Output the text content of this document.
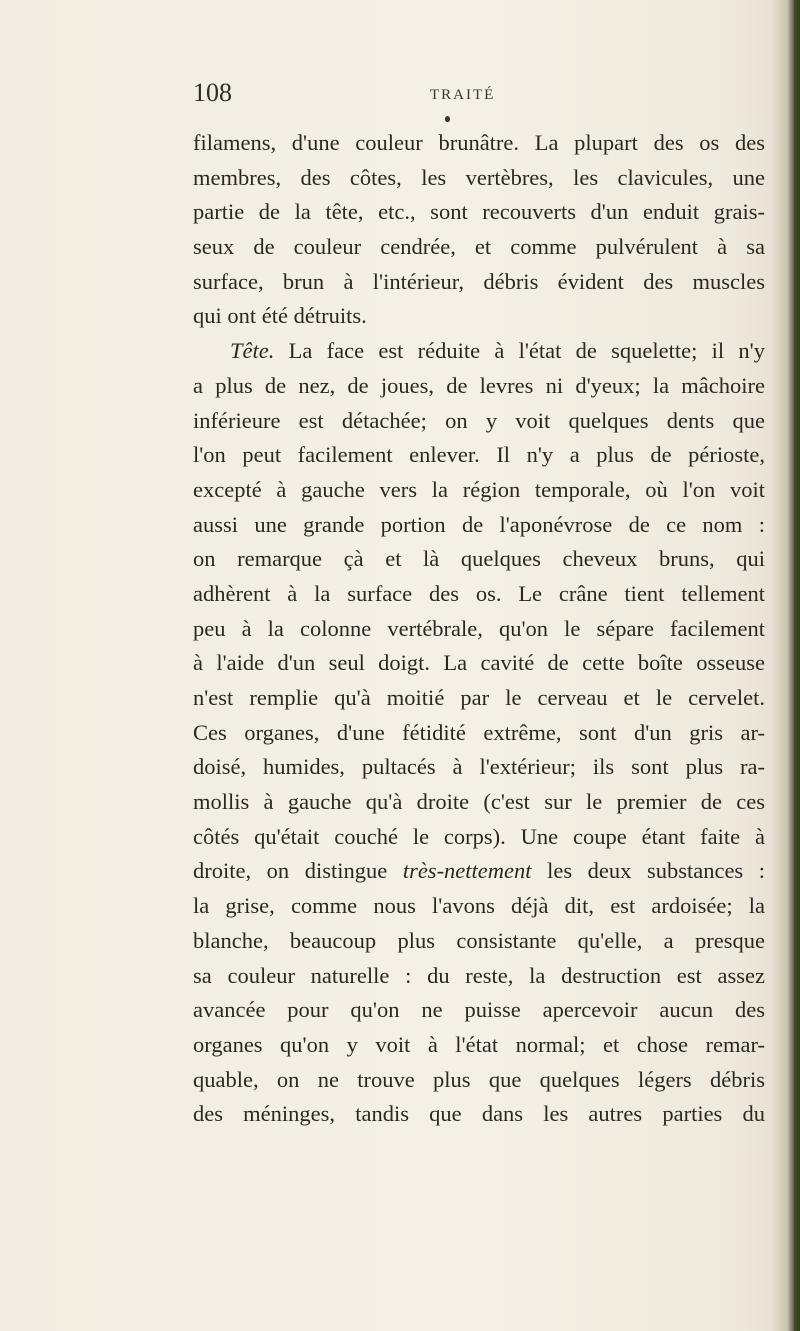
108	TRAITÉ
filamens, d'une couleur brunâtre. La plupart des os des
membres, des côtes, les vertèbres, les clavicules, une
partie de la tête, etc., sont recouverts d'un enduit grais-
seux de couleur cendrée, et comme pulvérulent à sa
surface, brun à l'intérieur, débris évident des muscles
qui ont été détruits.
Tête. La face est réduite à l'état de squelette; il n'y
a plus de nez, de joues, de levres ni d'yeux; la mâchoire
inférieure est détachée; on y voit quelques dents que
l'on peut facilement enlever. Il n'y a plus de périoste,
excepté à gauche vers la région temporale, où l'on voit
aussi une grande portion de l'aponévrose de ce nom :
on remarque çà et là quelques cheveux bruns, qui
adhèrent à la surface des os. Le crâne tient tellement
peu à la colonne vertébrale, qu'on le sépare facilement
à l'aide d'un seul doigt. La cavité de cette boîte osseuse
n'est remplie qu'à moitié par le cerveau et le cervelet.
Ces organes, d'une fétidité extrême, sont d'un gris ar-
doisé, humides, pultacés à l'extérieur; ils sont plus ra-
mollis à gauche qu'à droite (c'est sur le premier de ces
côtés qu'était couché le corps). Une coupe étant faite à
droite, on distingue très-nettement les deux substances :
la grise, comme nous l'avons déjà dit, est ardoisée; la
blanche, beaucoup plus consistante qu'elle, a presque
sa couleur naturelle : du reste, la destruction est assez
avancée pour qu'on ne puisse apercevoir aucun des
organes qu'on y voit à l'état normal; et chose remar-
quable, on ne trouve plus que quelques légers débris
des méninges, tandis que dans les autres parties du
